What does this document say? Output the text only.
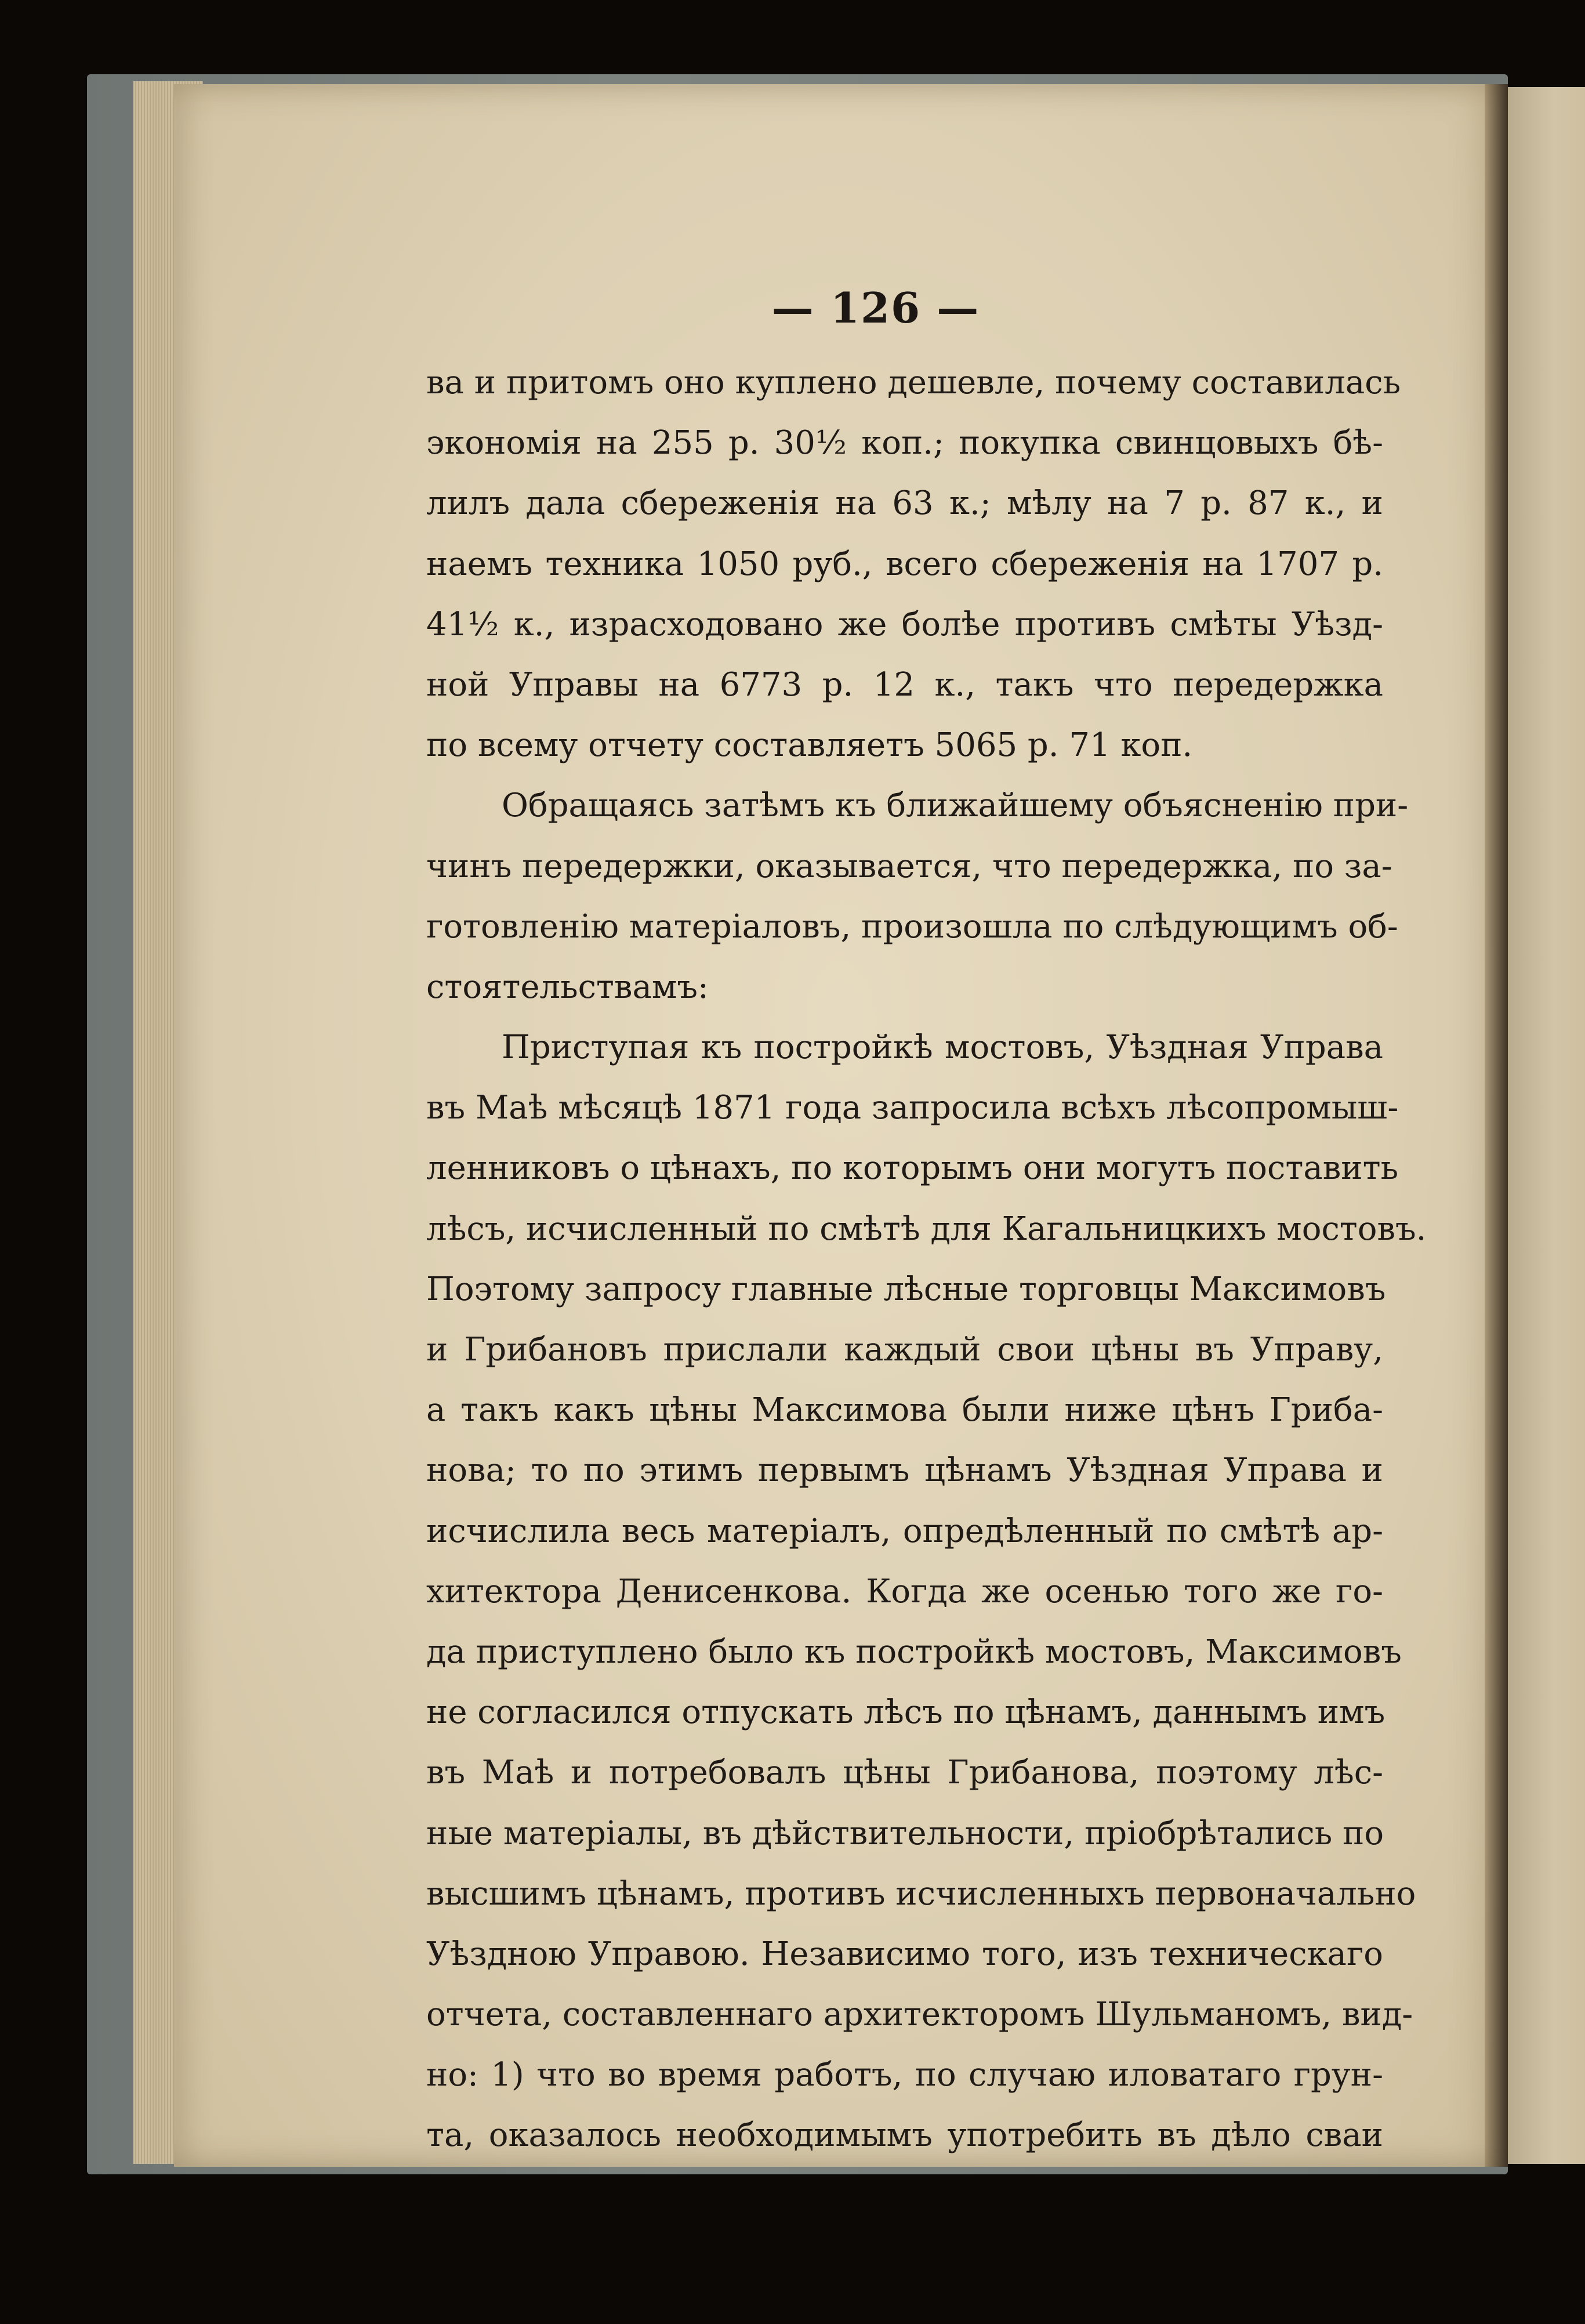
— 126 —
ва и притомъ оно куплено дешевле, почему составилась
экономія на 255 р. 30½ коп.; покупка свинцовыхъ бѣ-
лилъ дала сбереженія на 63 к.; мѣлу на 7 р. 87 к., и
наемъ техника 1050 руб., всего сбереженія на 1707 р.
41½ к., израсходовано же болѣе противъ смѣты Уѣзд-
ной Управы на 6773 р. 12 к., такъ что передержка
по всему отчету составляетъ 5065 р. 71 коп.
Обращаясь затѣмъ къ ближайшему объясненію при-
чинъ передержки, оказывается, что передержка, по за-
готовленію матеріаловъ, произошла по слѣдующимъ об-
стоятельствамъ:
Приступая къ постройкѣ мостовъ, Уѣздная Управа
въ Маѣ мѣсяцѣ 1871 года запросила всѣхъ лѣсопромыш-
ленниковъ о цѣнахъ, по которымъ они могутъ поставить
лѣсъ, исчисленный по смѣтѣ для Кагальницкихъ мостовъ.
Поэтому запросу главные лѣсные торговцы Максимовъ
и Грибановъ прислали каждый свои цѣны въ Управу,
а такъ какъ цѣны Максимова были ниже цѣнъ Гриба-
нова; то по этимъ первымъ цѣнамъ Уѣздная Управа и
исчислила весь матеріалъ, опредѣленный по смѣтѣ ар-
хитектора Денисенкова. Когда же осенью того же го-
да приступлено было къ постройкѣ мостовъ, Максимовъ
не согласился отпускать лѣсъ по цѣнамъ, даннымъ имъ
въ Маѣ и потребовалъ цѣны Грибанова, поэтому лѣс-
ные матеріалы, въ дѣйствительности, пріобрѣтались по
высшимъ цѣнамъ, противъ исчисленныхъ первоначально
Уѣздною Управою. Независимо того, изъ техническаго
отчета, составленнаго архитекторомъ Шульманомъ, вид-
но: 1) что во время работъ, по случаю иловатаго грун-
та, оказалось необходимымъ употребить въ дѣло сваи
